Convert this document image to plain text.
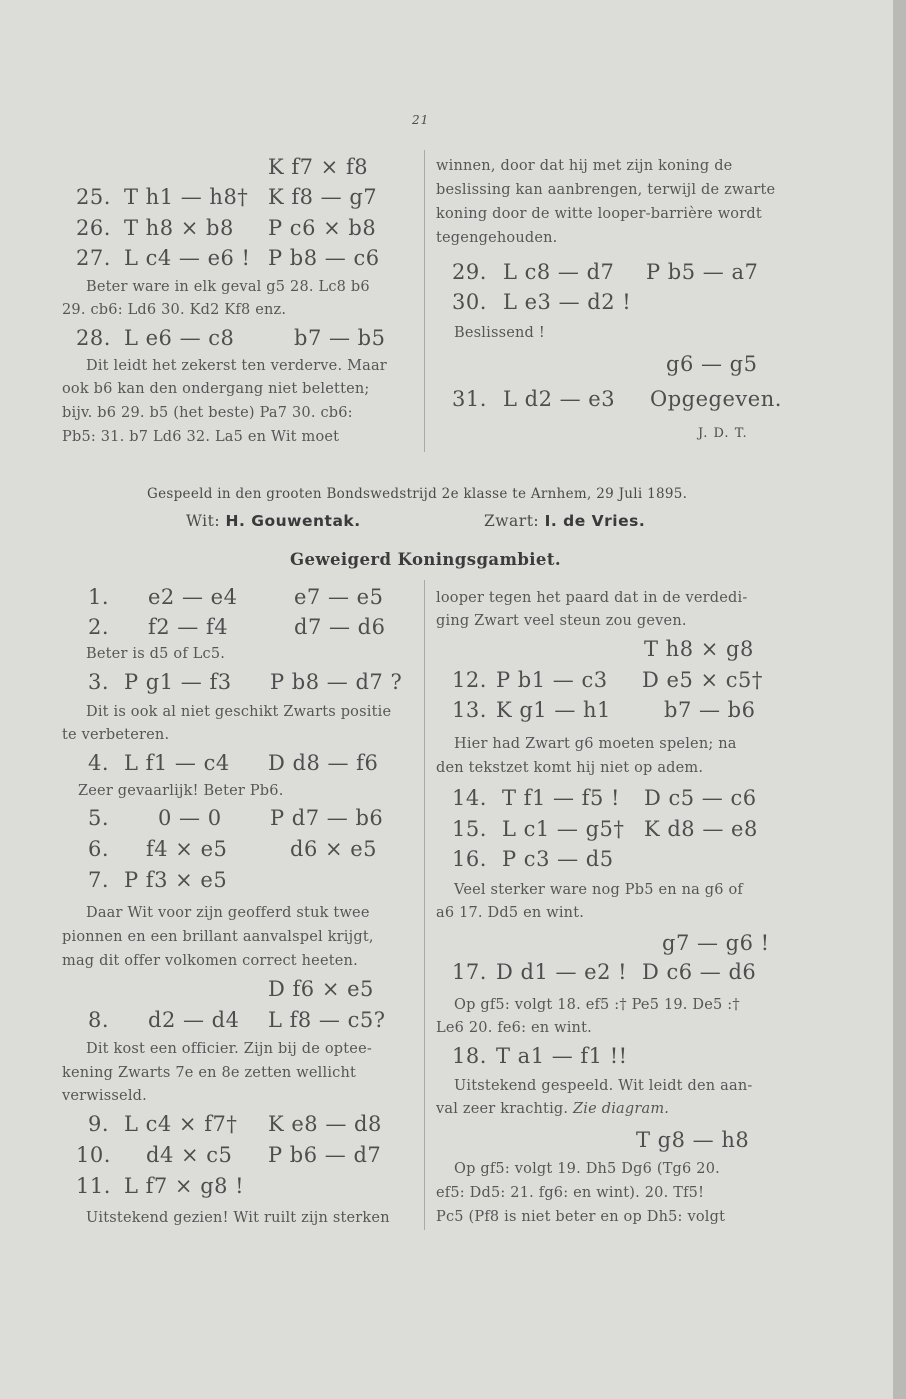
21
K f7 × f8
25. T h1 — h8† K f8 — g7
26. T h8 × b8 P c6 × b8
27. L c4 — e6 ! P b8 — c6
Beter ware in elk geval g5 28. Lc8 b6
29. cb6: Ld6 30. Kd2 Kf8 enz.
28. L e6 — c8	b7 — b5
Dit leidt het zekerst ten verderve. Maar
ook b6 kan den ondergang niet beletten;
bijv. b6 29. b5 (het beste) Pa7 30. cb6:
Pb5: 31. b7 Ld6 32. La5 en Wit moet
winnen, door dat hij met zijn koning de
beslissing kan aanbrengen, terwijl de zwarte
koning door de witte looper-barrière wordt
tegengehouden.
29. L c8 — d7 P b5 — a7
30. L e3 — d2 !
Beslissend !
g6 — g5
31. L d2 — e3 Opgegeven.
J. D. T.
Gespeeld in den grooten Bondswedstrijd 2e klasse te Arnhem, 29 Juli 1895.
Wit: H. Gouwentak.	Zwart: I. de Vries.
Geweigerd Koningsgambiet.
1. e2 — e4	e7 — e5
2. f2 — f4	d7 — d6
Beter is d5 of Lc5.
3. P g1 — f3 P b8 — d7 ?
Dit is ook al niet geschikt Zwarts positie
te verbeteren.
4. L f1 — c4 D d8 — f6
Zeer gevaarlijk! Beter Pb6.
5. 0 — 0 P d7 — b6
6. f4 × e5	d6 × e5
7. P f3 × e5
Daar Wit voor zijn geofferd stuk twee
pionnen en een brillant aanvalspel krijgt,
mag dit offer volkomen correct heeten.
D f6 × e5
8. d2 — d4 L f8 — c5?
Dit kost een officier. Zijn bij de optee-
kening Zwarts 7e en 8e zetten wellicht
verwisseld.
9. L c4 × f7† K e8 — d8
10. d4 × c5 P b6 — d7
11. L f7 × g8 !
Uitstekend gezien! Wit ruilt zijn sterken
looper tegen het paard dat in de verdedi-
ging Zwart veel steun zou geven.
T h8 × g8
12. P b1 — c3 D e5 × c5†
13. K g1 — h1	b7 — b6
Hier had Zwart g6 moeten spelen; na
den tekstzet komt hij niet op adem.
14. T f1 — f5 ! D c5 — c6
15. L c1 — g5† K d8 — e8
16. P c3 — d5
Veel sterker ware nog Pb5 en na g6 of
a6 17. Dd5 en wint.
g7 — g6 !
17. D d1 — e2 ! D c6 — d6
Op gf5: volgt 18. ef5 :† Pe5 19. De5 :†
Le6 20. fe6: en wint.
18. T a1 — f1 !!
Uitstekend gespeeld. Wit leidt den aan-
val zeer krachtig. Zie diagram.
T g8 — h8
Op gf5: volgt 19. Dh5 Dg6 (Tg6 20.
ef5: Dd5: 21. fg6: en wint). 20. Tf5!
Pc5 (Pf8 is niet beter en op Dh5: volgt
